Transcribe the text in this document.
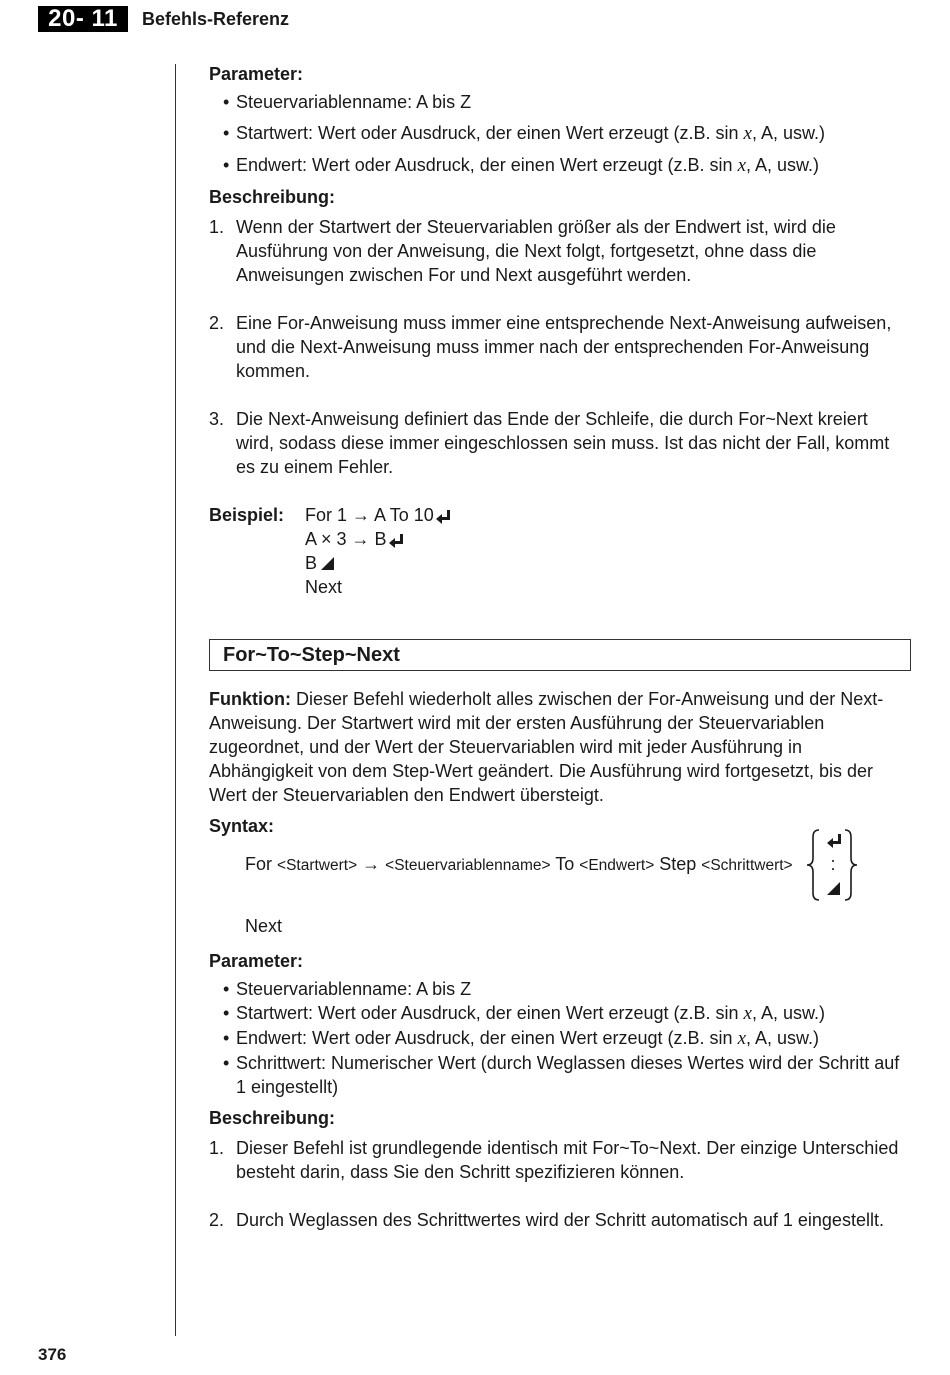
20- 11	Befehls-Referenz
Parameter:
• Steuervariablenname: A bis Z
• Startwert: Wert oder Ausdruck, der einen Wert erzeugt (z.B. sin x, A, usw.)
• Endwert: Wert oder Ausdruck, der einen Wert erzeugt (z.B. sin x, A, usw.)
Beschreibung:
1. Wenn der Startwert der Steuervariablen größer als der Endwert ist, wird die Ausführung von der Anweisung, die Next folgt, fortgesetzt, ohne dass die Anweisungen zwischen For und Next ausgeführt werden.
2. Eine For-Anweisung muss immer eine entsprechende Next-Anweisung aufweisen, und die Next-Anweisung muss immer nach der entsprechenden For-Anweisung kommen.
3. Die Next-Anweisung definiert das Ende der Schleife, die durch For~Next kreiert wird, sodass diese immer eingeschlossen sein muss. Ist das nicht der Fall, kommt es zu einem Fehler.
Beispiel: For 1 → A To 10
A × 3 → B
B
Next
For~To~Step~Next
Funktion: Dieser Befehl wiederholt alles zwischen der For-Anweisung und der Next-Anweisung. Der Startwert wird mit der ersten Ausführung der Steuervariablen zugeordnet, und der Wert der Steuervariablen wird mit jeder Ausführung in Abhängigkeit von dem Step-Wert geändert. Die Ausführung wird fortgesetzt, bis der Wert der Steuervariablen den Endwert übersteigt.
Syntax:
For <Startwert> → <Steuervariablenname> To <Endwert> Step <Schrittwert>	:
Next
Parameter:
• Steuervariablenname: A bis Z
• Startwert: Wert oder Ausdruck, der einen Wert erzeugt (z.B. sin x, A, usw.)
• Endwert: Wert oder Ausdruck, der einen Wert erzeugt (z.B. sin x, A, usw.)
• Schrittwert: Numerischer Wert (durch Weglassen dieses Wertes wird der Schritt auf 1 eingestellt)
Beschreibung:
1. Dieser Befehl ist grundlegende identisch mit For~To~Next. Der einzige Unterschied besteht darin, dass Sie den Schritt spezifizieren können.
2. Durch Weglassen des Schrittwertes wird der Schritt automatisch auf 1 eingestellt.
376
